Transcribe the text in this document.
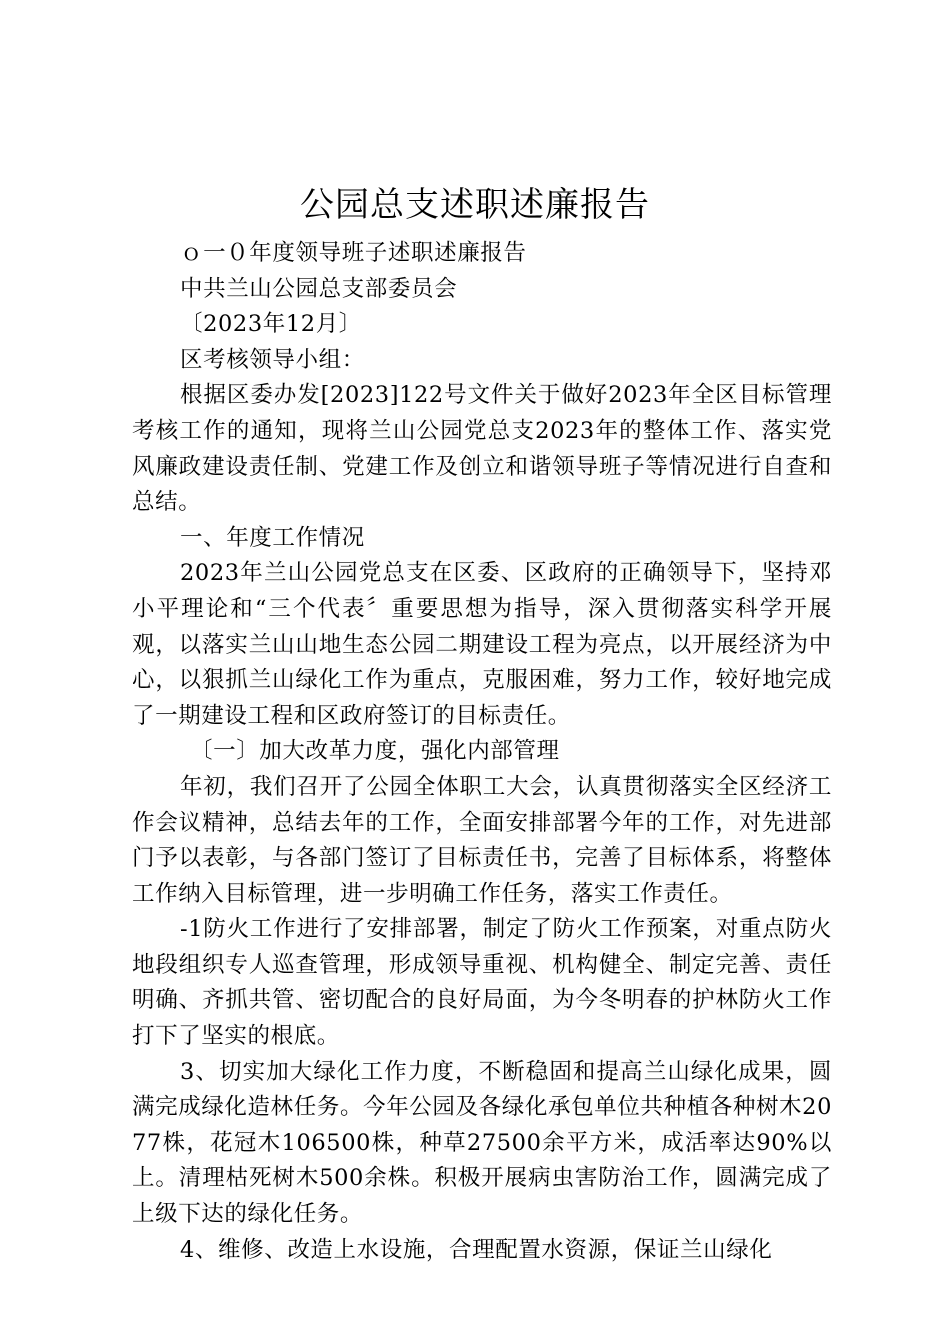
公园总支述职述廉报告

ｏ一０年度领导班子述职述廉报告

中共兰山公园总支部委员会

〔2023年12月〕

区考核领导小组：

根据区委办发[2023]122号文件关于做好2023年全区目标管理考核工作的通知，现将兰山公园党总支2023年的整体工作、落实党风廉政建设责任制、党建工作及创立和谐领导班子等情况进行自查和总结。

一、年度工作情况

2023年兰山公园党总支在区委、区政府的正确领导下，坚持邓小平理论和“三个代表〞重要思想为指导，深入贯彻落实科学开展观，以落实兰山山地生态公园二期建设工程为亮点，以开展经济为中心，以狠抓兰山绿化工作为重点，克服困难，努力工作，较好地完成了一期建设工程和区政府签订的目标责任。

〔一〕加大改革力度，强化内部管理

年初，我们召开了公园全体职工大会，认真贯彻落实全区经济工作会议精神，总结去年的工作，全面安排部署今年的工作，对先进部门予以表彰，与各部门签订了目标责任书，完善了目标体系，将整体工作纳入目标管理，进一步明确工作任务，落实工作责任。

-1防火工作进行了安排部署，制定了防火工作预案，对重点防火地段组织专人巡查管理，形成领导重视、机构健全、制定完善、责任明确、齐抓共管、密切配合的良好局面，为今冬明春的护林防火工作打下了坚实的根底。

3、切实加大绿化工作力度，不断稳固和提高兰山绿化成果，圆满完成绿化造林任务。今年公园及各绿化承包单位共种植各种树木2077株，花冠木106500株，种草27500余平方米，成活率达90%以上。清理枯死树木500余株。积极开展病虫害防治工作，圆满完成了上级下达的绿化任务。

4、维修、改造上水设施，合理配置水资源，保证兰山绿化
